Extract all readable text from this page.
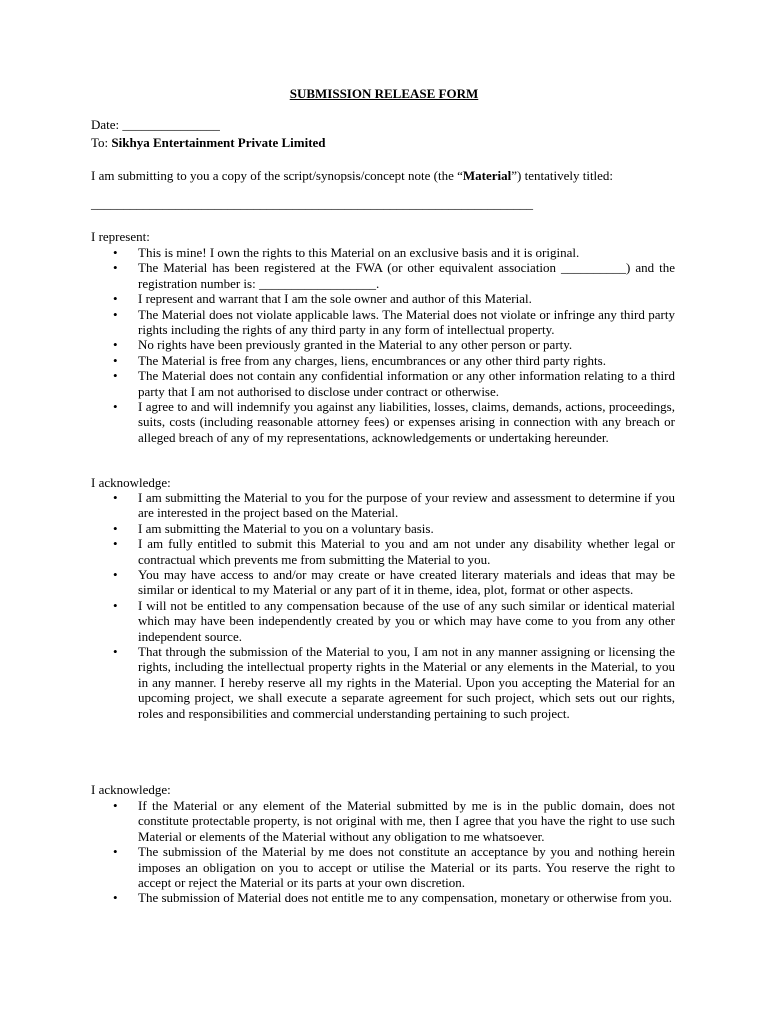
SUBMISSION RELEASE FORM
Date: _______________
To: Sikhya Entertainment Private Limited
I am submitting to you a copy of the script/synopsis/concept note (the “Material”) tentatively titled:
____________________________________________________________________
I represent:
• This is mine! I own the rights to this Material on an exclusive basis and it is original.
• The Material has been registered at the FWA (or other equivalent association __________) and the registration number is: __________________.
• I represent and warrant that I am the sole owner and author of this Material.
• The Material does not violate applicable laws. The Material does not violate or infringe any third party rights including the rights of any third party in any form of intellectual property.
• No rights have been previously granted in the Material to any other person or party.
• The Material is free from any charges, liens, encumbrances or any other third party rights.
• The Material does not contain any confidential information or any other information relating to a third party that I am not authorised to disclose under contract or otherwise.
• I agree to and will indemnify you against any liabilities, losses, claims, demands, actions, proceedings, suits, costs (including reasonable attorney fees) or expenses arising in connection with any breach or alleged breach of any of my representations, acknowledgements or undertaking hereunder.
I acknowledge:
• I am submitting the Material to you for the purpose of your review and assessment to determine if you are interested in the project based on the Material.
• I am submitting the Material to you on a voluntary basis.
• I am fully entitled to submit this Material to you and am not under any disability whether legal or contractual which prevents me from submitting the Material to you.
• You may have access to and/or may create or have created literary materials and ideas that may be similar or identical to my Material or any part of it in theme, idea, plot, format or other aspects.
• I will not be entitled to any compensation because of the use of any such similar or identical material which may have been independently created by you or which may have come to you from any other independent source.
• That through the submission of the Material to you, I am not in any manner assigning or licensing the rights, including the intellectual property rights in the Material or any elements in the Material, to you in any manner. I hereby reserve all my rights in the Material. Upon you accepting the Material for an upcoming project, we shall execute a separate agreement for such project, which sets out our rights, roles and responsibilities and commercial understanding pertaining to such project.
I acknowledge:
• If the Material or any element of the Material submitted by me is in the public domain, does not constitute protectable property, is not original with me, then I agree that you have the right to use such Material or elements of the Material without any obligation to me whatsoever.
• The submission of the Material by me does not constitute an acceptance by you and nothing herein imposes an obligation on you to accept or utilise the Material or its parts. You reserve the right to accept or reject the Material or its parts at your own discretion.
• The submission of Material does not entitle me to any compensation, monetary or otherwise from you.
